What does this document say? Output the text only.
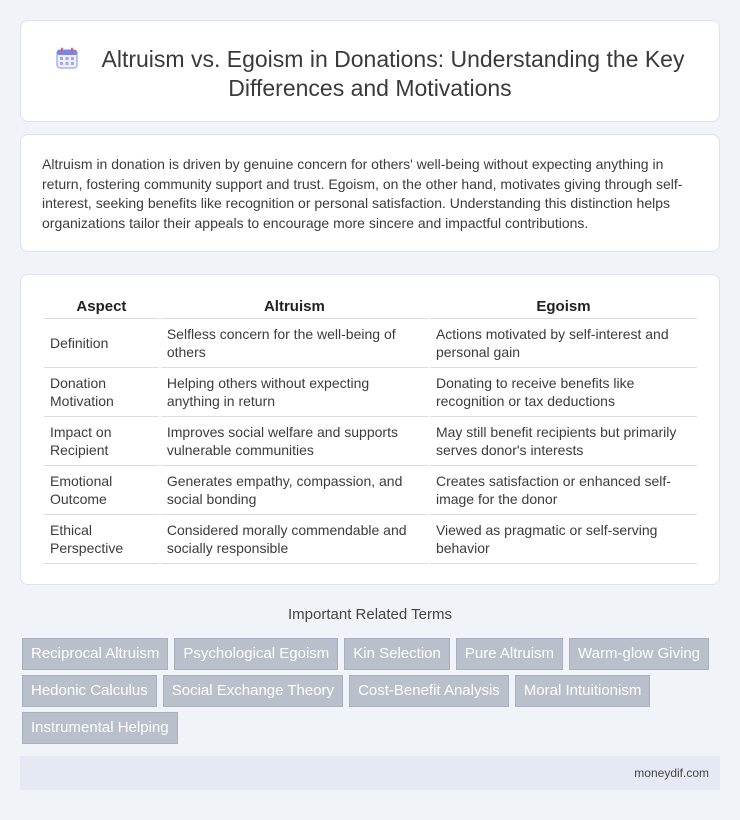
Altruism vs. Egoism in Donations: Understanding the Key Differences and Motivations

Altruism in donation is driven by genuine concern for others' well-being without expecting anything in return, fostering community support and trust. Egoism, on the other hand, motivates giving through self-interest, seeking benefits like recognition or personal satisfaction. Understanding this distinction helps organizations tailor their appeals to encourage more sincere and impactful contributions.

Aspect	Altruism	Egoism
Definition	Selfless concern for the well-being of others	Actions motivated by self-interest and personal gain
Donation Motivation	Helping others without expecting anything in return	Donating to receive benefits like recognition or tax deductions
Impact on Recipient	Improves social welfare and supports vulnerable communities	May still benefit recipients but primarily serves donor's interests
Emotional Outcome	Generates empathy, compassion, and social bonding	Creates satisfaction or enhanced self-image for the donor
Ethical Perspective	Considered morally commendable and socially responsible	Viewed as pragmatic or self-serving behavior
Important Related Terms
Reciprocal Altruism	Psychological Egoism	Kin Selection	Pure Altruism	Warm-glow Giving
Hedonic Calculus	Social Exchange Theory	Cost-Benefit Analysis	Moral Intuitionism
Instrumental Helping
moneydif.com
